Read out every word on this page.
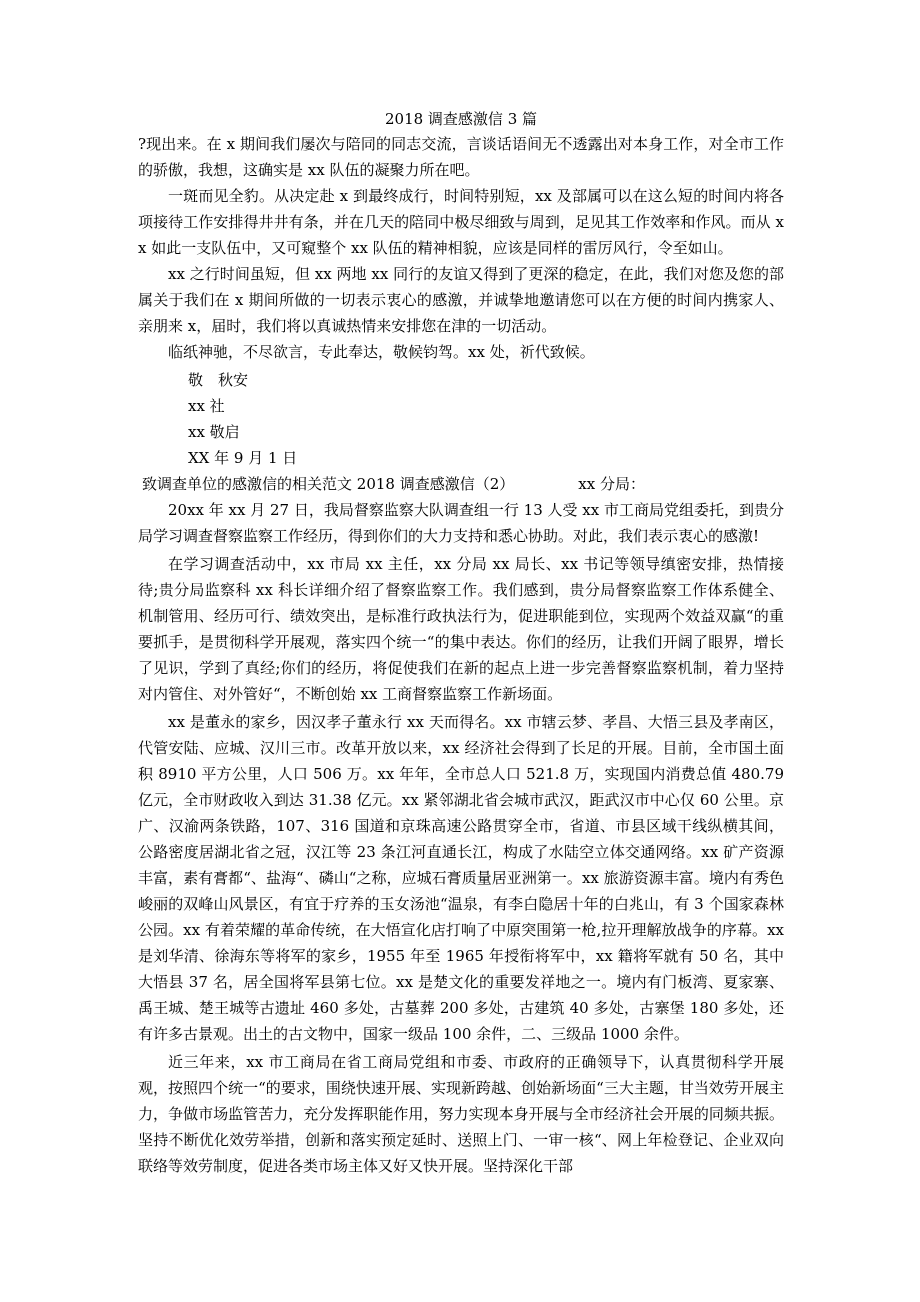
2018 调查感激信 3 篇

?现出来。在 x 期间我们屡次与陪同的同志交流，言谈话语间无不透露出对本身工作，对全市工作的骄傲，我想，这确实是 xx 队伍的凝聚力所在吧。

一斑而见全豹。从决定赴 x 到最终成行，时间特别短，xx 及部属可以在这么短的时间内将各项接待工作安排得井井有条，并在几天的陪同中极尽细致与周到，足见其工作效率和作风。而从 xx 如此一支队伍中，又可窥整个 xx 队伍的精神相貌，应该是同样的雷厉风行，令至如山。

xx 之行时间虽短，但 xx 两地 xx 同行的友谊又得到了更深的稳定，在此，我们对您及您的部属关于我们在 x 期间所做的一切表示衷心的感激，并诚挚地邀请您可以在方便的时间内携家人、亲朋来 x，届时，我们将以真诚热情来安排您在津的一切活动。

临纸神驰，不尽欲言，专此奉达，敬候钧驾。xx 处，祈代致候。

敬　秋安

xx 社

xx 敬启

XX 年 9 月 1 日

致调查单位的感激信的相关范文 2018 调查感激信（2）	xx 分局：

20xx 年 xx 月 27 日，我局督察监察大队调查组一行 13 人受 xx 市工商局党组委托，到贵分局学习调查督察监察工作经历，得到你们的大力支持和悉心协助。对此，我们表示衷心的感激!

在学习调查活动中，xx 市局 xx 主任，xx 分局 xx 局长、xx 书记等领导缜密安排，热情接待;贵分局监察科 xx 科长详细介绍了督察监察工作。我们感到，贵分局督察监察工作体系健全、机制管用、经历可行、绩效突出，是标准行政执法行为，促进职能到位，实现两个效益双赢“的重要抓手，是贯彻科学开展观，落实四个统一“的集中表达。你们的经历，让我们开阔了眼界，增长了见识，学到了真经;你们的经历，将促使我们在新的起点上进一步完善督察监察机制，着力坚持对内管住、对外管好“，不断创始 xx 工商督察监察工作新场面。

xx 是董永的家乡，因汉孝子董永行 xx 天而得名。xx 市辖云梦、孝昌、大悟三县及孝南区，代管安陆、应城、汉川三市。改革开放以来，xx 经济社会得到了长足的开展。目前，全市国土面积 8910 平方公里，人口 506 万。xx 年年，全市总人口 521.8 万，实现国内消费总值 480.79 亿元，全市财政收入到达 31.38 亿元。xx 紧邻湖北省会城市武汉，距武汉市中心仅 60 公里。京广、汉渝两条铁路，107、316 国道和京珠高速公路贯穿全市，省道、市县区域干线纵横其间，公路密度居湖北省之冠，汉江等 23 条江河直通长江，构成了水陆空立体交通网络。xx 矿产资源丰富，素有膏都“、盐海“、磷山“之称，应城石膏质量居亚洲第一。xx 旅游资源丰富。境内有秀色峻丽的双峰山风景区，有宜于疗养的玉女汤池“温泉，有李白隐居十年的白兆山，有 3 个国家森林公园。xx 有着荣耀的革命传统，在大悟宣化店打响了中原突围第一枪,拉开理解放战争的序幕。xx 是刘华清、徐海东等将军的家乡，1955 年至 1965 年授衔将军中，xx 籍将军就有 50 名，其中大悟县 37 名，居全国将军县第七位。xx 是楚文化的重要发祥地之一。境内有门板湾、夏家寨、禹王城、楚王城等古遗址 460 多处，古墓葬 200 多处，古建筑 40 多处，古寨堡 180 多处，还有许多古景观。出土的古文物中，国家一级品 100 余件，二、三级品 1000 余件。

近三年来，xx 市工商局在省工商局党组和市委、市政府的正确领导下，认真贯彻科学开展观，按照四个统一“的要求，围绕快速开展、实现新跨越、创始新场面“三大主题，甘当效劳开展主力，争做市场监管苦力，充分发挥职能作用，努力实现本身开展与全市经济社会开展的同频共振。坚持不断优化效劳举措，创新和落实预定延时、送照上门、一审一核“、网上年检登记、企业双向联络等效劳制度，促进各类市场主体又好又快开展。坚持深化干部
